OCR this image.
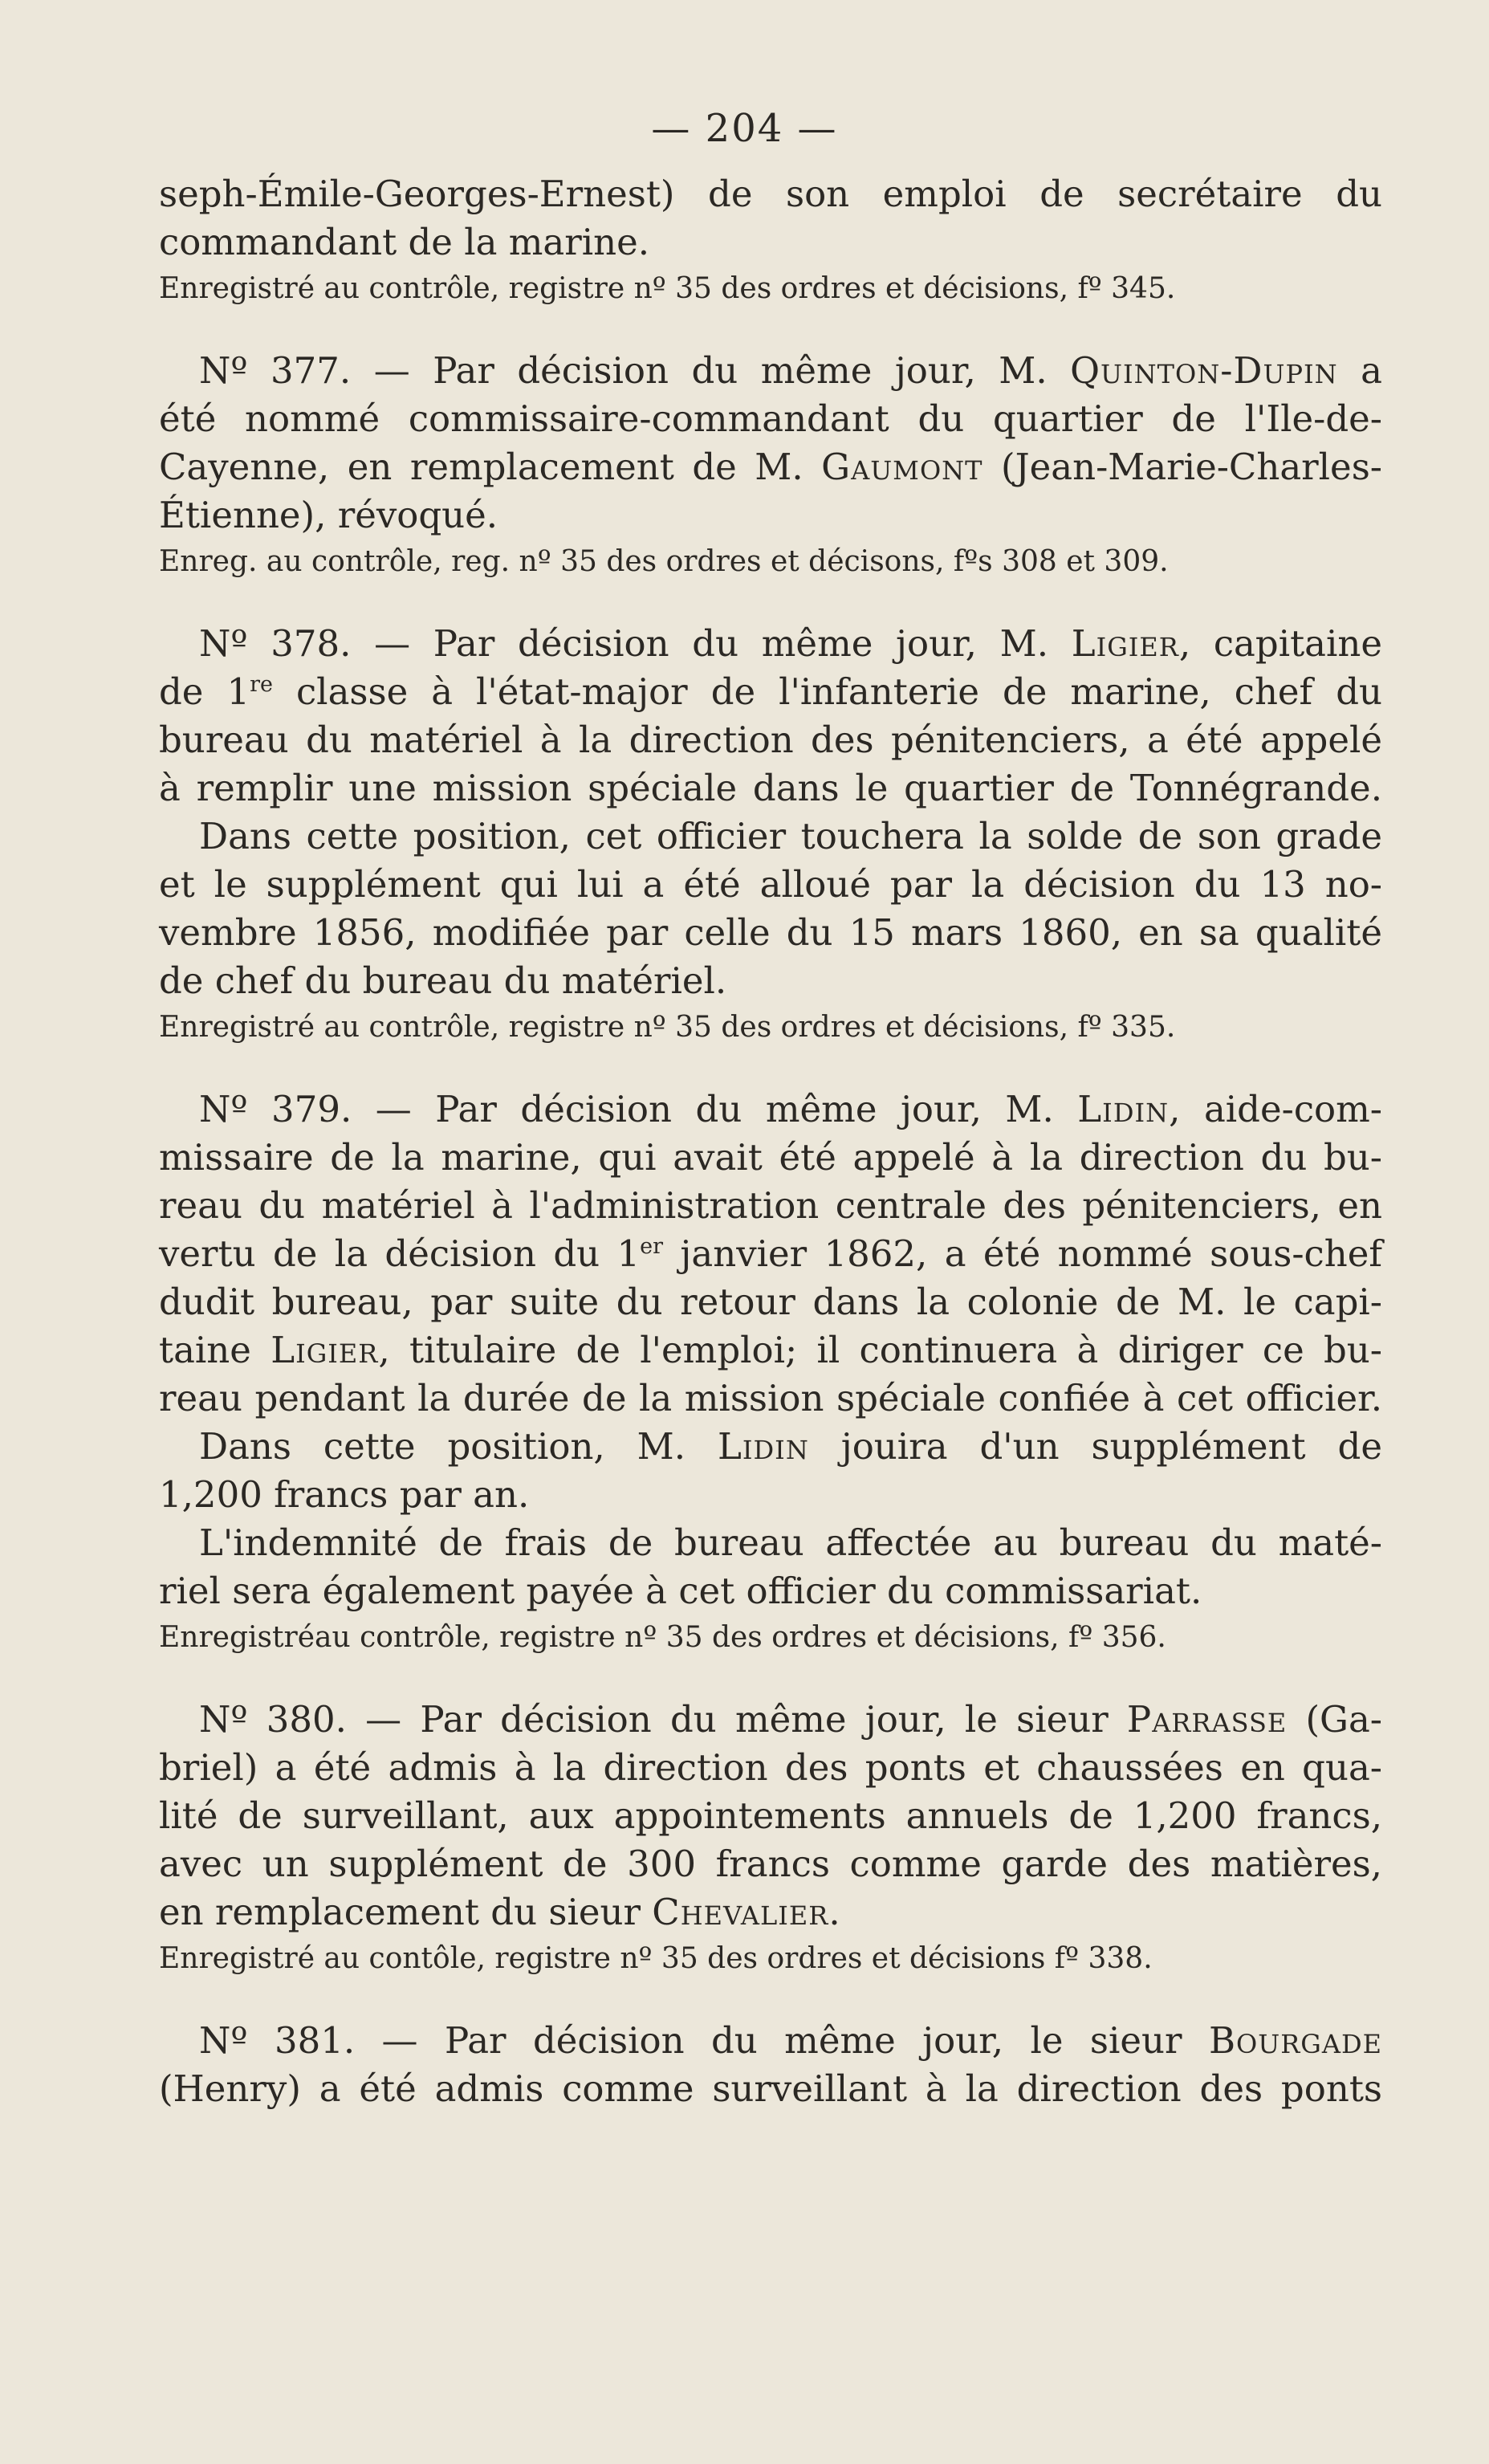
— 204 —
seph-Émile-Georges-Ernest) de son emploi de secrétaire du
commandant de la marine.
Enregistré au contrôle, registre nº 35 des ordres et décisions, fº 345.
Nº 377. — Par décision du même jour, M. Quinton-Dupin a
été nommé commissaire-commandant du quartier de l'Ile-de-
Cayenne, en remplacement de M. Gaumont (Jean-Marie-Charles-
Étienne), révoqué.
Enreg. au contrôle, reg. nº 35 des ordres et décisons, fºs 308 et 309.
Nº 378. — Par décision du même jour, M. Ligier, capitaine
de 1re classe à l'état-major de l'infanterie de marine, chef du
bureau du matériel à la direction des pénitenciers, a été appelé
à remplir une mission spéciale dans le quartier de Tonnégrande.
Dans cette position, cet officier touchera la solde de son grade
et le supplément qui lui a été alloué par la décision du 13 no-
vembre 1856, modifiée par celle du 15 mars 1860, en sa qualité
de chef du bureau du matériel.
Enregistré au contrôle, registre nº 35 des ordres et décisions, fº 335.
Nº 379. — Par décision du même jour, M. Lidin, aide-com-
missaire de la marine, qui avait été appelé à la direction du bu-
reau du matériel à l'administration centrale des pénitenciers, en
vertu de la décision du 1er janvier 1862, a été nommé sous-chef
dudit bureau, par suite du retour dans la colonie de M. le capi-
taine Ligier, titulaire de l'emploi; il continuera à diriger ce bu-
reau pendant la durée de la mission spéciale confiée à cet officier.
Dans cette position, M. Lidin jouira d'un supplément de
1,200 francs par an.
L'indemnité de frais de bureau affectée au bureau du maté-
riel sera également payée à cet officier du commissariat.
Enregistréau contrôle, registre nº 35 des ordres et décisions, fº 356.
Nº 380. — Par décision du même jour, le sieur Parrasse (Ga-
briel) a été admis à la direction des ponts et chaussées en qua-
lité de surveillant, aux appointements annuels de 1,200 francs,
avec un supplément de 300 francs comme garde des matières,
en remplacement du sieur Chevalier.
Enregistré au contôle, registre nº 35 des ordres et décisions fº 338.
Nº 381. — Par décision du même jour, le sieur Bourgade
(Henry) a été admis comme surveillant à la direction des ponts
